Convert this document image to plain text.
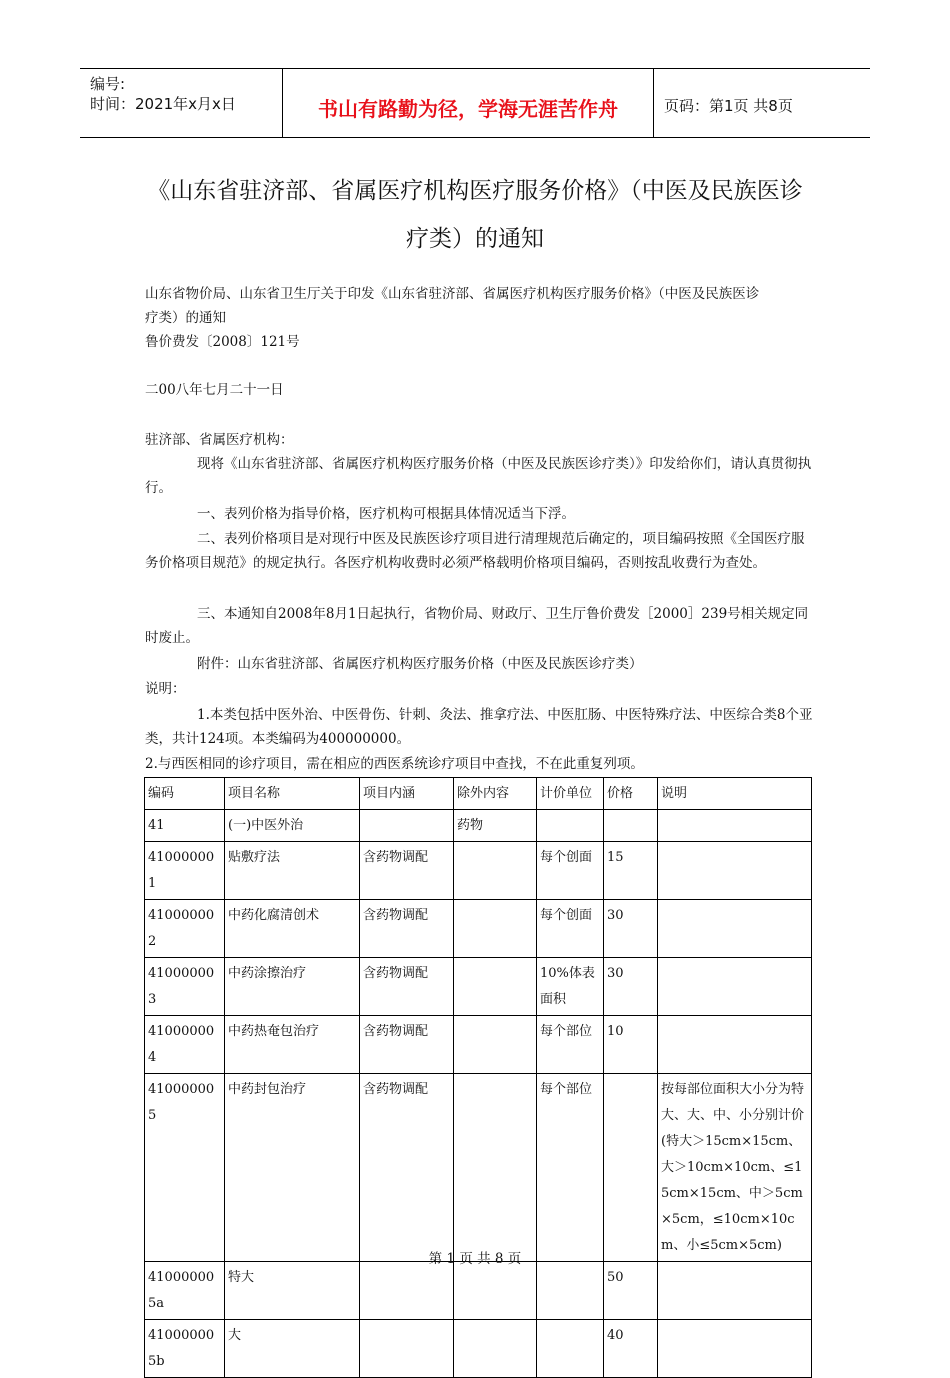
编号:
时间：2021年x月x日	书山有路勤为径，学海无涯苦作舟	页码：第1页 共8页
《山东省驻济部、省属医疗机构医疗服务价格》（中医及民族医诊
疗类）的通知
山东省物价局、山东省卫生厅关于印发《山东省驻济部、省属医疗机构医疗服务价格》（中医及民族医诊
疗类）的通知
鲁价费发〔2008〕121号
二00八年七月二十一日
驻济部、省属医疗机构：
现将《山东省驻济部、省属医疗机构医疗服务价格（中医及民族医诊疗类）》印发给你们，请认真贯彻执行。
一、表列价格为指导价格，医疗机构可根据具体情况适当下浮。
二、表列价格项目是对现行中医及民族医诊疗项目进行清理规范后确定的，项目编码按照《全国医疗服务价格项目规范》的规定执行。各医疗机构收费时必须严格载明价格项目编码，否则按乱收费行为查处。
三、本通知自2008年8月1日起执行，省物价局、财政厅、卫生厅鲁价费发［2000］239号相关规定同时废止。
附件：山东省驻济部、省属医疗机构医疗服务价格（中医及民族医诊疗类）
说明：
1.本类包括中医外治、中医骨伤、针刺、灸法、推拿疗法、中医肛肠、中医特殊疗法、中医综合类8个亚类，共计124项。本类编码为400000000。
2.与西医相同的诊疗项目，需在相应的西医系统诊疗项目中查找，不在此重复列项。
编码	项目名称	项目内涵	除外内容	计价单位	价格	说明
41	(一)中医外治		药物			
410000001	贴敷疗法	含药物调配		每个创面	15	
410000002	中药化腐清创术	含药物调配		每个创面	30	
410000003	中药涂擦治疗	含药物调配		10%体表面积	30	
410000004	中药热奄包治疗	含药物调配		每个部位	10	
410000005	中药封包治疗	含药物调配		每个部位		按每部位面积大小分为特大、大、中、小分别计价(特大＞15cm×15cm、大＞10cm×10cm、≤15cm×15cm、中＞5cm×5cm，≤10cm×10cm、小≤5cm×5cm)
410000005a	特大				50	
410000005b	大				40	
第 1 页 共 8 页
